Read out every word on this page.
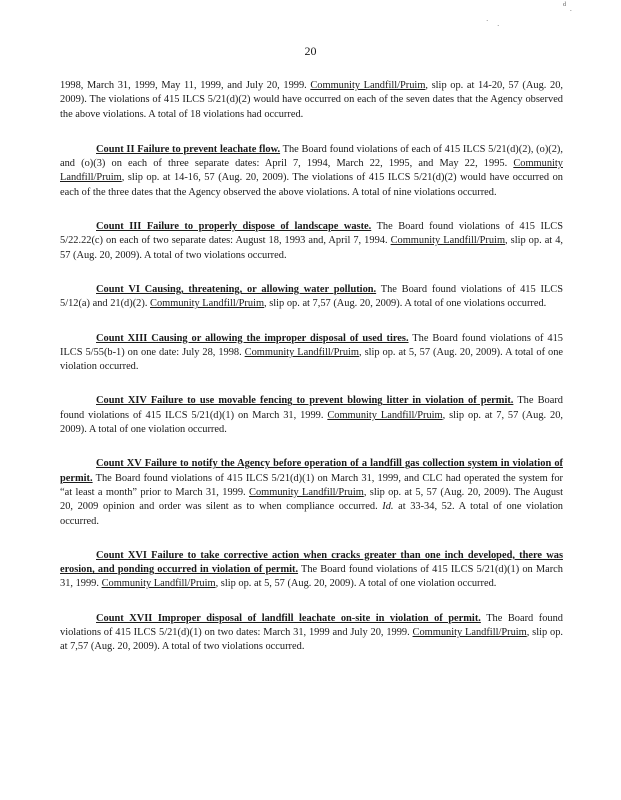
.
·
·
d
20

1998, March 31, 1999, May 11, 1999, and July 20, 1999. Community Landfill/Pruim, slip op. at 14-20, 57 (Aug. 20, 2009). The violations of 415 ILCS 5/21(d)(2) would have occurred on each of the seven dates that the Agency observed the above violations. A total of 18 violations had occurred.

Count II Failure to prevent leachate flow. The Board found violations of each of 415 ILCS 5/21(d)(2), (o)(2), and (o)(3) on each of three separate dates: April 7, 1994, March 22, 1995, and May 22, 1995. Community Landfill/Pruim, slip op. at 14-16, 57 (Aug. 20, 2009). The violations of 415 ILCS 5/21(d)(2) would have occurred on each of the three dates that the Agency observed the above violations. A total of nine violations occurred.

Count III Failure to properly dispose of landscape waste. The Board found violations of 415 ILCS 5/22.22(c) on each of two separate dates: August 18, 1993 and, April 7, 1994. Community Landfill/Pruim, slip op. at 4, 57 (Aug. 20, 2009). A total of two violations occurred.

Count VI Causing, threatening, or allowing water pollution. The Board found violations of 415 ILCS 5/12(a) and 21(d)(2). Community Landfill/Pruim, slip op. at 7,57 (Aug. 20, 2009). A total of one violations occurred.

Count XIII Causing or allowing the improper disposal of used tires. The Board found violations of 415 ILCS 5/55(b-1) on one date: July 28, 1998. Community Landfill/Pruim, slip op. at 5, 57 (Aug. 20, 2009). A total of one violation occurred.

Count XIV Failure to use movable fencing to prevent blowing litter in violation of permit. The Board found violations of 415 ILCS 5/21(d)(1) on March 31, 1999. Community Landfill/Pruim, slip op. at 7, 57 (Aug. 20, 2009). A total of one violation occurred.

Count XV Failure to notify the Agency before operation of a landfill gas collection system in violation of permit. The Board found violations of 415 ILCS 5/21(d)(1) on March 31, 1999, and CLC had operated the system for “at least a month” prior to March 31, 1999. Community Landfill/Pruim, slip op. at 5, 57 (Aug. 20, 2009). The August 20, 2009 opinion and order was silent as to when compliance occurred. Id. at 33-34, 52. A total of one violation occurred.

Count XVI Failure to take corrective action when cracks greater than one inch developed, there was erosion, and ponding occurred in violation of permit. The Board found violations of 415 ILCS 5/21(d)(1) on March 31, 1999. Community Landfill/Pruim, slip op. at 5, 57 (Aug. 20, 2009). A total of one violation occurred.

Count XVII Improper disposal of landfill leachate on-site in violation of permit. The Board found violations of 415 ILCS 5/21(d)(1) on two dates: March 31, 1999 and July 20, 1999. Community Landfill/Pruim, slip op. at 7,57 (Aug. 20, 2009). A total of two violations occurred.
